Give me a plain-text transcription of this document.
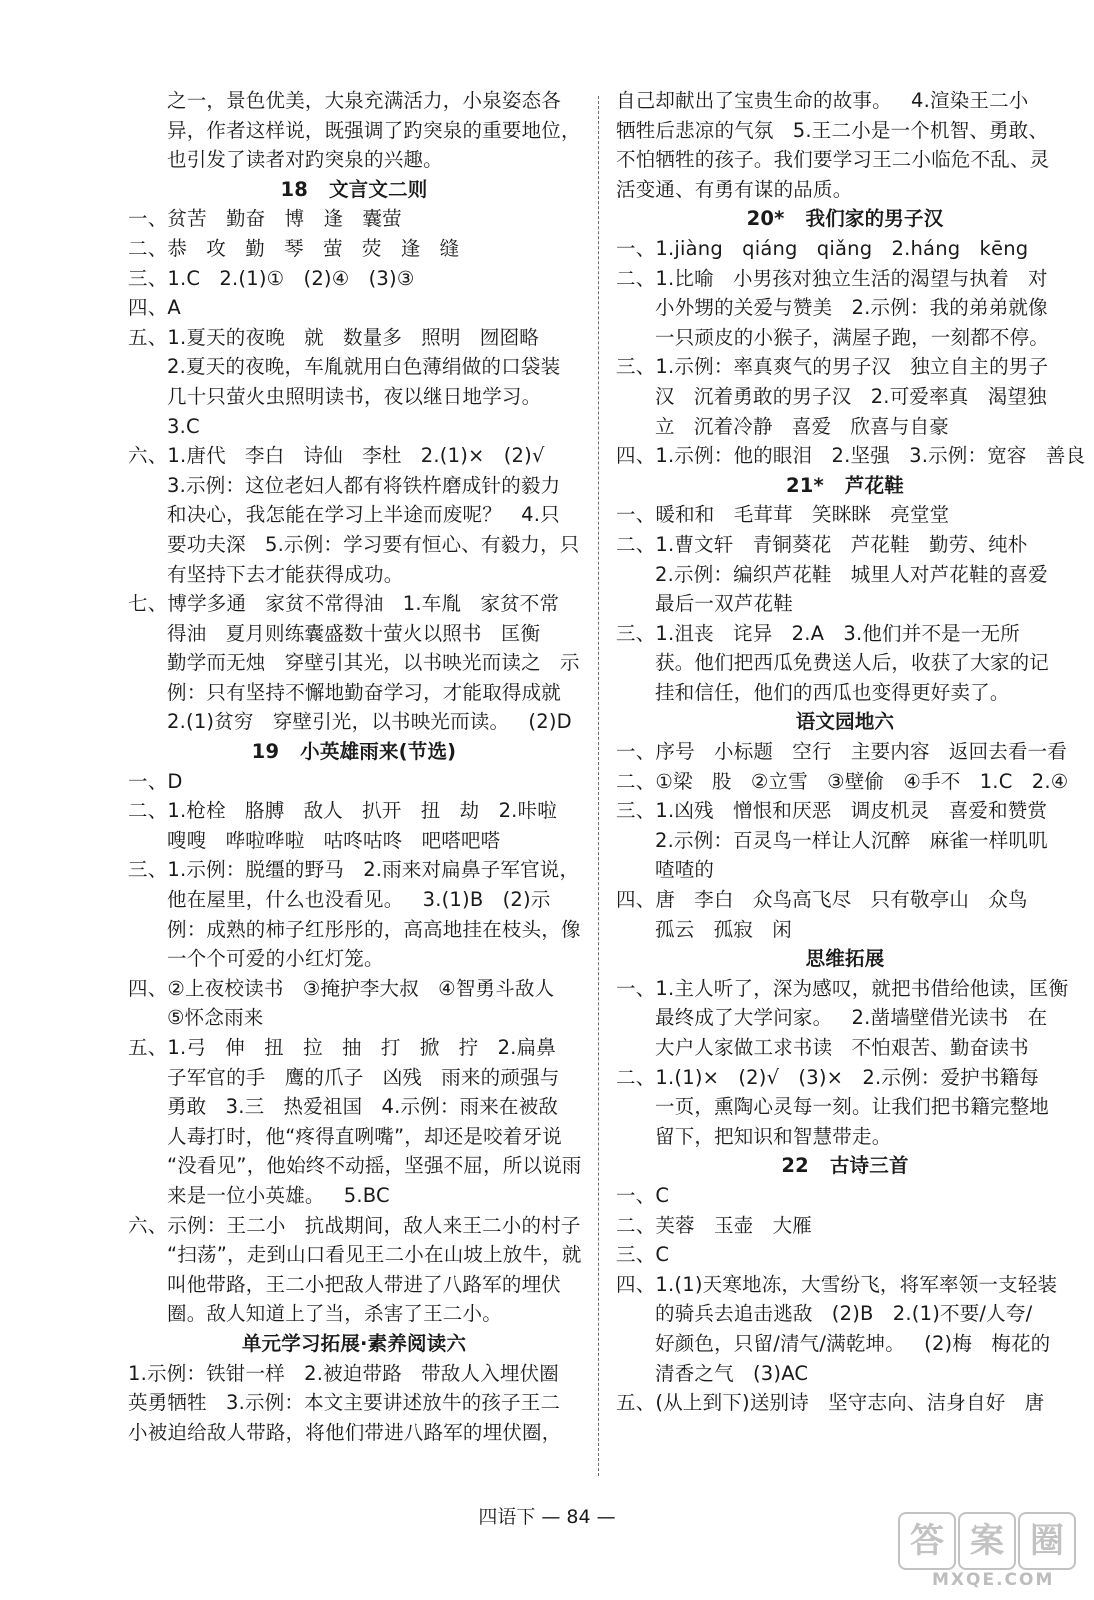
之一，景色优美，大泉充满活力，小泉姿态各
异，作者这样说，既强调了趵突泉的重要地位，
也引发了读者对趵突泉的兴趣。
18   文言文二则
一、贫苦   勤奋   博   逢   囊萤
二、恭   攻   勤   琴   萤   荧   逢   缝
三、1.C   2.(1)①   (2)④   (3)③
四、A
五、1.夏天的夜晚   就   数量多   照明   囫囵略
2.夏天的夜晚，车胤就用白色薄绢做的口袋装
几十只萤火虫照明读书，夜以继日地学习。
3.C
六、1.唐代   李白   诗仙   李杜   2.(1)×   (2)√
3.示例：这位老妇人都有将铁杵磨成针的毅力
和决心，我怎能在学习上半途而废呢？   4.只
要功夫深   5.示例：学习要有恒心、有毅力，只
有坚持下去才能获得成功。
七、博学多通   家贫不常得油   1.车胤   家贫不常
得油   夏月则练囊盛数十萤火以照书   匡衡
勤学而无烛   穿壁引其光，以书映光而读之   示
例：只有坚持不懈地勤奋学习，才能取得成就
2.(1)贫穷   穿壁引光，以书映光而读。   (2)D
19   小英雄雨来(节选)
一、D
二、1.枪栓   胳膊   敌人   扒开   扭   劫   2.咔啦
嗖嗖   哗啦哗啦   咕咚咕咚   吧嗒吧嗒
三、1.示例：脱缰的野马   2.雨来对扁鼻子军官说，
他在屋里，什么也没看见。   3.(1)B   (2)示
例：成熟的柿子红彤彤的，高高地挂在枝头，像
一个个可爱的小红灯笼。
四、②上夜校读书   ③掩护李大叔   ④智勇斗敌人
⑤怀念雨来
五、1.弓   伸   扭   拉   抽   打   掀   拧   2.扁鼻
子军官的手   鹰的爪子   凶残   雨来的顽强与
勇敢   3.三   热爱祖国   4.示例：雨来在被敌
人毒打时，他“疼得直咧嘴”，却还是咬着牙说
“没看见”，他始终不动摇，坚强不屈，所以说雨
来是一位小英雄。   5.BC
六、示例：王二小   抗战期间，敌人来王二小的村子
“扫荡”，走到山口看见王二小在山坡上放牛，就
叫他带路，王二小把敌人带进了八路军的埋伏
圈。敌人知道上了当，杀害了王二小。
单元学习拓展·素养阅读六
1.示例：铁钳一样   2.被迫带路   带敌人入埋伏圈
英勇牺牲   3.示例：本文主要讲述放牛的孩子王二
小被迫给敌人带路，将他们带进八路军的埋伏圈，
自己却献出了宝贵生命的故事。   4.渲染王二小
牺牲后悲凉的气氛   5.王二小是一个机智、勇敢、
不怕牺牲的孩子。我们要学习王二小临危不乱、灵
活变通、有勇有谋的品质。
20*   我们家的男子汉
一、1.jiàng   qiáng   qiǎng   2.háng   kēng
二、1.比喻   小男孩对独立生活的渴望与执着   对
小外甥的关爱与赞美   2.示例：我的弟弟就像
一只顽皮的小猴子，满屋子跑，一刻都不停。
三、1.示例：率真爽气的男子汉   独立自主的男子
汉   沉着勇敢的男子汉   2.可爱率真   渴望独
立   沉着冷静   喜爱   欣喜与自豪
四、1.示例：他的眼泪   2.坚强   3.示例：宽容   善良
21*   芦花鞋
一、暖和和   毛茸茸   笑眯眯   亮堂堂
二、1.曹文轩   青铜葵花   芦花鞋   勤劳、纯朴
2.示例：编织芦花鞋   城里人对芦花鞋的喜爱
最后一双芦花鞋
三、1.沮丧   诧异   2.A   3.他们并不是一无所
获。他们把西瓜免费送人后，收获了大家的记
挂和信任，他们的西瓜也变得更好卖了。
语文园地六
一、序号   小标题   空行   主要内容   返回去看一看
二、①梁   股   ②立雪   ③壁偷   ④手不   1.C   2.④
三、1.凶残   憎恨和厌恶   调皮机灵   喜爱和赞赏
2.示例：百灵鸟一样让人沉醉   麻雀一样叽叽
喳喳的
四、唐   李白   众鸟高飞尽   只有敬亭山   众鸟
孤云   孤寂   闲
思维拓展
一、1.主人听了，深为感叹，就把书借给他读，匡衡
最终成了大学问家。   2.凿墙壁借光读书   在
大户人家做工求书读   不怕艰苦、勤奋读书
二、1.(1)×   (2)√   (3)×   2.示例：爱护书籍每
一页，熏陶心灵每一刻。让我们把书籍完整地
留下，把知识和智慧带走。
22   古诗三首
一、C
二、芙蓉   玉壶   大雁
三、C
四、1.(1)天寒地冻，大雪纷飞，将军率领一支轻装
的骑兵去追击逃敌   (2)B   2.(1)不要/人夸/
好颜色，只留/清气/满乾坤。   (2)梅   梅花的
清香之气   (3)AC
五、(从上到下)送别诗   坚守志向、洁身自好   唐
四语下 — 84 —
答 案 圈
MXQE.COM
